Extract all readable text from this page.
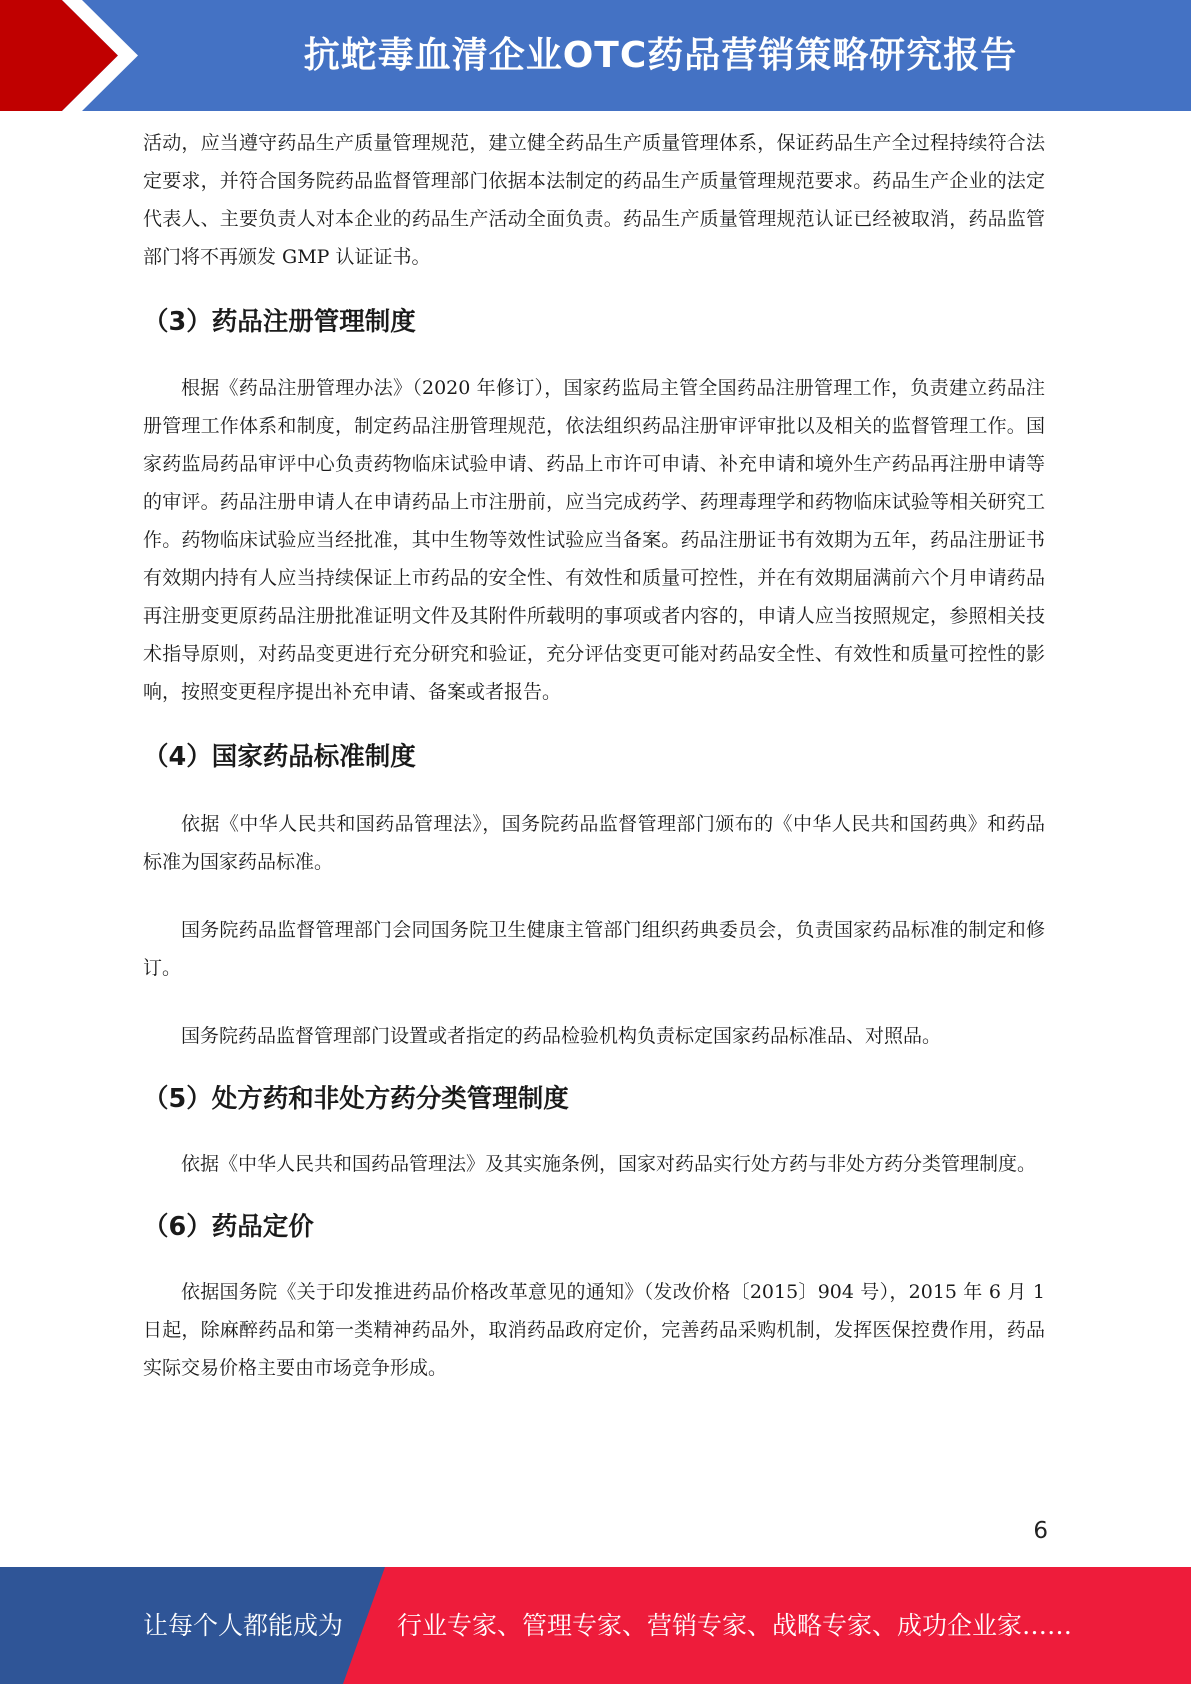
抗蛇毒血清企业OTC药品营销策略研究报告

活动，应当遵守药品生产质量管理规范，建立健全药品生产质量管理体系，保证药品生产全过程持续符合法定要求，并符合国务院药品监督管理部门依据本法制定的药品生产质量管理规范要求。药品生产企业的法定代表人、主要负责人对本企业的药品生产活动全面负责。药品生产质量管理规范认证已经被取消，药品监管部门将不再颁发 GMP 认证证书。

（3）药品注册管理制度

根据《药品注册管理办法》（2020 年修订），国家药监局主管全国药品注册管理工作，负责建立药品注册管理工作体系和制度，制定药品注册管理规范，依法组织药品注册审评审批以及相关的监督管理工作。国家药监局药品审评中心负责药物临床试验申请、药品上市许可申请、补充申请和境外生产药品再注册申请等的审评。药品注册申请人在申请药品上市注册前，应当完成药学、药理毒理学和药物临床试验等相关研究工作。药物临床试验应当经批准，其中生物等效性试验应当备案。药品注册证书有效期为五年，药品注册证书有效期内持有人应当持续保证上市药品的安全性、有效性和质量可控性，并在有效期届满前六个月申请药品再注册变更原药品注册批准证明文件及其附件所载明的事项或者内容的，申请人应当按照规定，参照相关技术指导原则，对药品变更进行充分研究和验证，充分评估变更可能对药品安全性、有效性和质量可控性的影响，按照变更程序提出补充申请、备案或者报告。

（4）国家药品标准制度

依据《中华人民共和国药品管理法》，国务院药品监督管理部门颁布的《中华人民共和国药典》和药品标准为国家药品标准。

国务院药品监督管理部门会同国务院卫生健康主管部门组织药典委员会，负责国家药品标准的制定和修订。

国务院药品监督管理部门设置或者指定的药品检验机构负责标定国家药品标准品、对照品。

（5）处方药和非处方药分类管理制度

依据《中华人民共和国药品管理法》及其实施条例，国家对药品实行处方药与非处方药分类管理制度。

（6）药品定价

依据国务院《关于印发推进药品价格改革意见的通知》（发改价格〔2015〕904 号），2015 年 6 月 1 日起，除麻醉药品和第一类精神药品外，取消药品政府定价，完善药品采购机制，发挥医保控费作用，药品实际交易价格主要由市场竞争形成。

6
让每个人都能成为 行业专家、管理专家、营销专家、战略专家、成功企业家……
